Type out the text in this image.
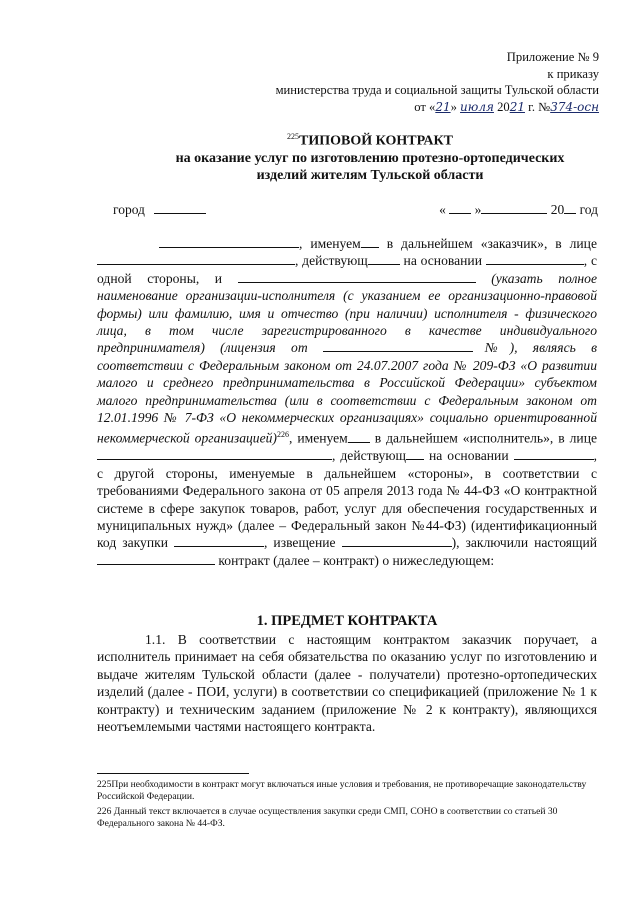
Приложение № 9
к приказу
министерства труда и социальной защиты Тульской области
от «21» июля 2021 г. №374-осн
$^{225}$ТИПОВОЙ КОНТРАКТ
на оказание услуг по изготовлению протезно-ортопедических
изделий жителям Тульской области
город	« »	20 год

, именуем в дальнейшем «заказчик», в лице , действующ на основании	, с одной стороны, и	(указать полное наименование организации-исполнителя (с указанием ее организационно-правовой формы) или фамилию, имя и отчество (при наличии) исполнителя - физического лица, в том числе зарегистрированного в качестве индивидуального предпринимателя) (лицензия от	№), являясь в соответствии с Федеральным законом от 24.07.2007 года № 209-ФЗ «О развитии малого и среднего предпринимательства в Российской Федерации» субъектом малого предпринимательства (или в соответствии с Федеральным законом от 12.01.1996 № 7-ФЗ «О некоммерческих организациях» социально ориентированной некоммерческой организацией)$^{226}$, именуем в дальнейшем «исполнитель», в лице , действующ на основании	, с другой стороны, именуемые в дальнейшем «стороны», в соответствии с требованиями Федерального закона от 05 апреля 2013 года № 44-ФЗ «О контрактной системе в сфере закупок товаров, работ, услуг для обеспечения государственных и муниципальных нужд» (далее – Федеральный закон №44-ФЗ) (идентификационный код закупки	, извещение	), заключили настоящий  контракт (далее – контракт) о нижеследующем:

1. ПРЕДМЕТ КОНТРАКТА

1.1. В соответствии с настоящим контрактом заказчик поручает, а исполнитель принимает на себя обязательства по оказанию услуг по изготовлению и выдаче жителям Тульской области (далее - получатели) протезно-ортопедических изделий (далее - ПОИ, услуги) в соответствии со спецификацией (приложение № 1 к контракту) и техническим заданием (приложение № 2 к контракту), являющихся неотъемлемыми частями настоящего контракта.

225При необходимости в контракт могут включаться иные условия и требования, не противоречащие законодательству Российской Федерации.

226 Данный текст включается в случае осуществления закупки среди СМП, СОНО в соответствии со статьей 30 Федерального закона № 44-ФЗ.
